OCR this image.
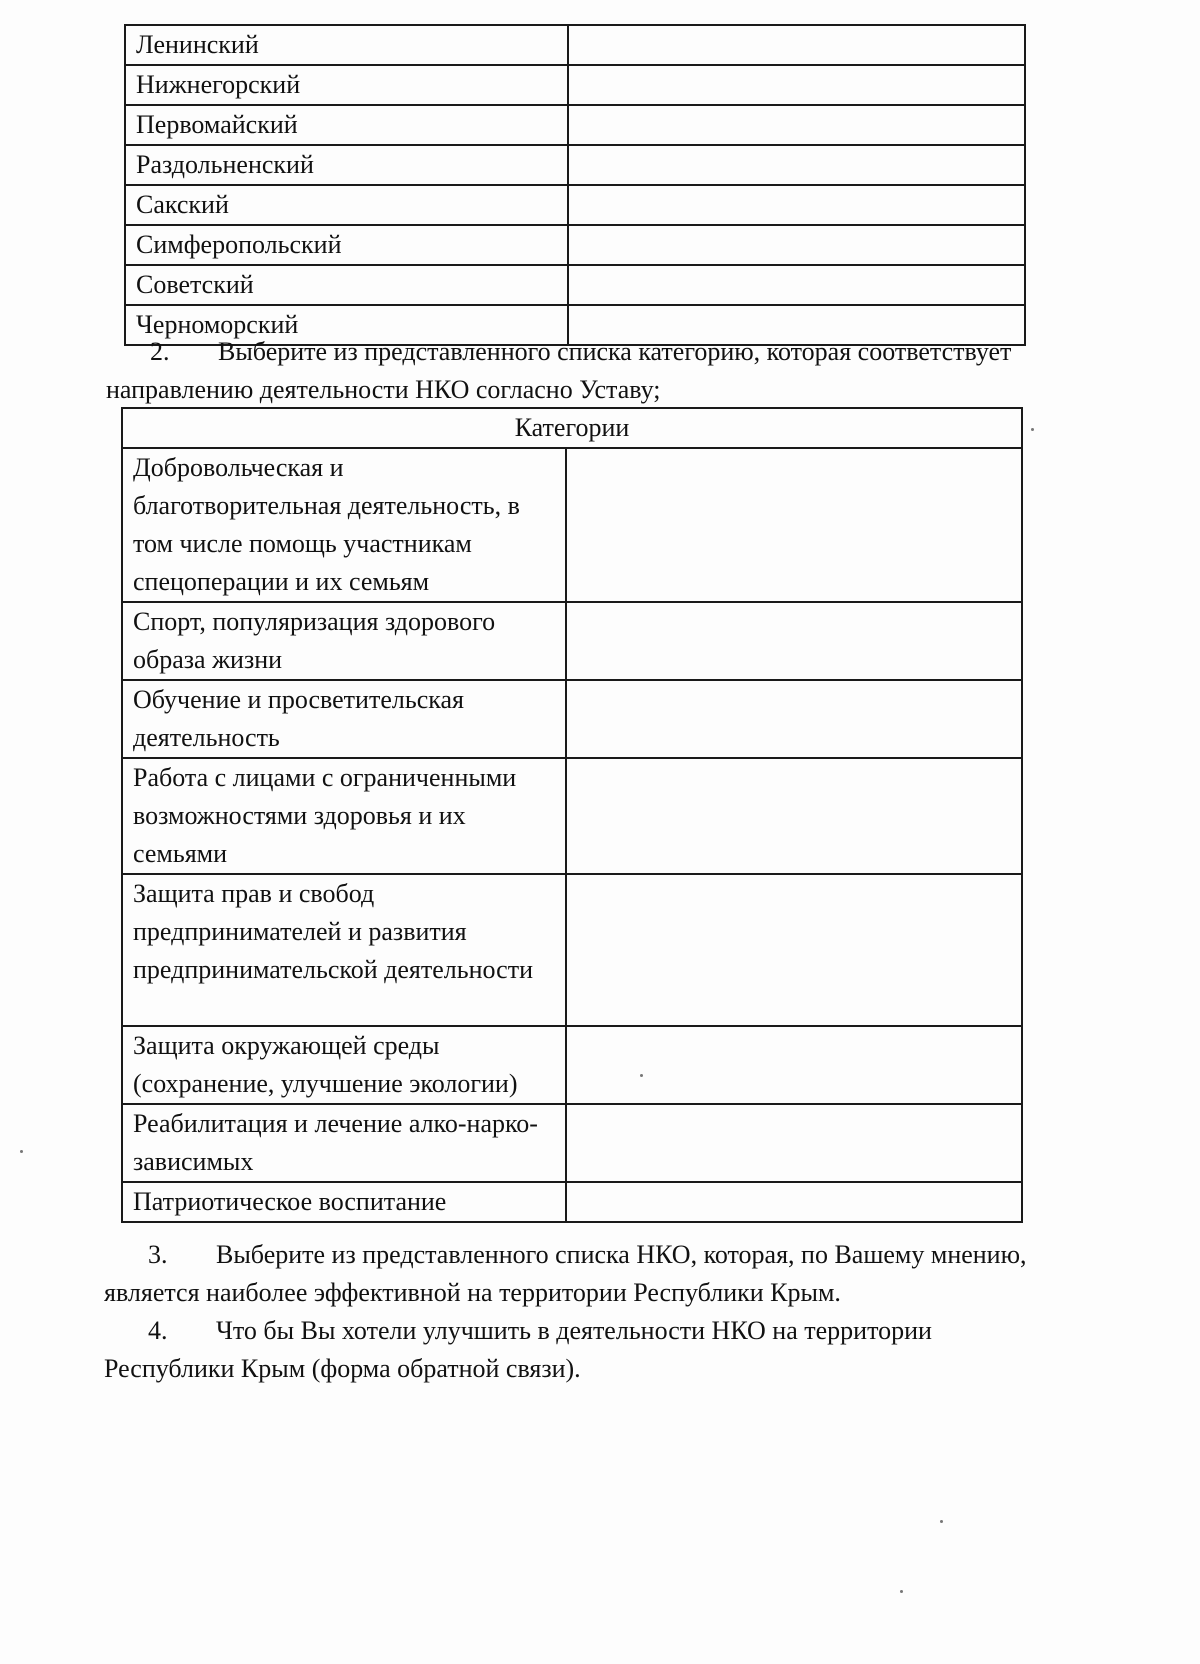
Ленинский	
Нижнегорский	
Первомайский	
Раздольненский	
Сакский	
Симферопольский	
Советский	
Черноморский	
2. Выберите из представленного списка категорию, которая соответствует
направлению деятельности НКО согласно Уставу;
Категории	
Добровольческая и благотворительная деятельность, в том числе помощь участникам спецоперации и их семьям	
Спорт, популяризация здорового образа жизни	
Обучение и просветительская деятельность	
Работа с лицами с ограниченными возможностями здоровья и их семьями	
Защита прав и свобод предпринимателей и развития предпринимательской деятельности	
Защита окружающей среды (сохранение, улучшение экологии)	
Реабилитация и лечение алко-нарко- зависимых	
Патриотическое воспитание	
3. Выберите из представленного списка НКО, которая, по Вашему мнению,
является наиболее эффективной на территории Республики Крым.
4. Что бы Вы хотели улучшить в деятельности НКО на территории
Республики Крым (форма обратной связи).
